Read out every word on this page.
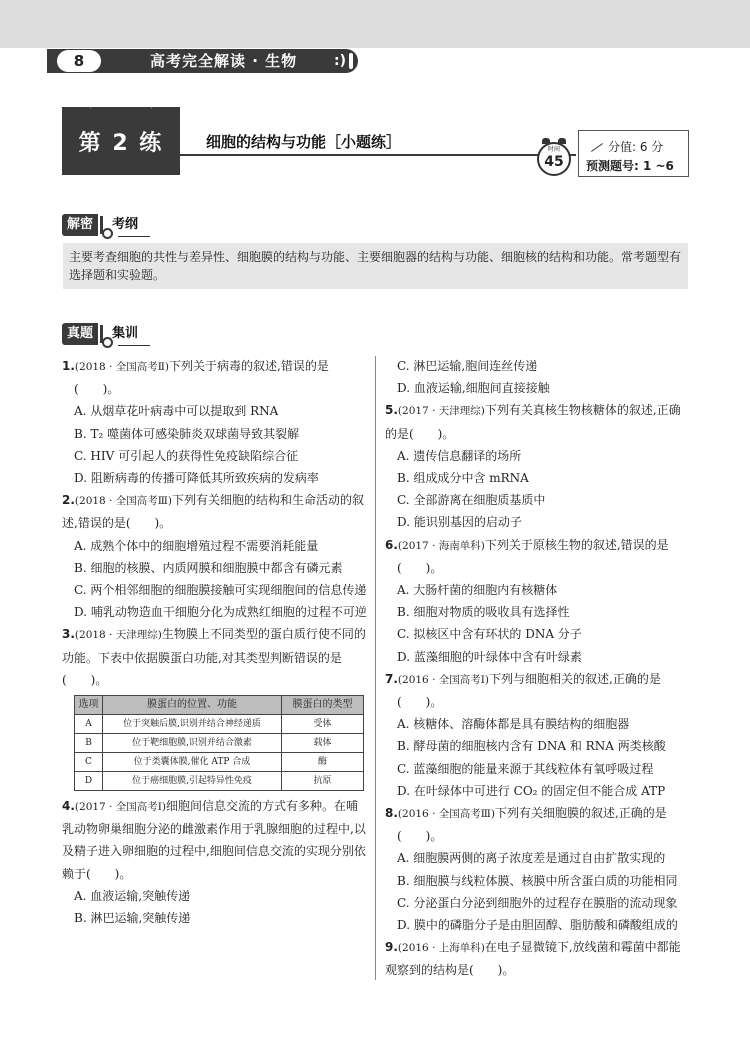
8	高考完全解读 · 生物	:)
第 2 练	细胞的结构与功能［小题练］	时间
45
分值: 6 分
预测题号: 1 ~6
解密 考纲
主要考查细胞的共性与差异性、细胞膜的结构与功能、主要细胞器的结构与功能、细胞核的结构和功能。常考题型有选择题和实验题。
真题 集训

1.(2018 · 全国高考Ⅱ)下列关于病毒的叙述,错误的是

(　　)。

A. 从烟草花叶病毒中可以提取到 RNA

B. T₂ 噬菌体可感染肺炎双球菌导致其裂解

C. HIV 可引起人的获得性免疫缺陷综合征

D. 阻断病毒的传播可降低其所致疾病的发病率

2.(2018 · 全国高考Ⅲ)下列有关细胞的结构和生命活动的叙述,错误的是(　　)。

A. 成熟个体中的细胞增殖过程不需要消耗能量

B. 细胞的核膜、内质网膜和细胞膜中都含有磷元素

C. 两个相邻细胞的细胞膜接触可实现细胞间的信息传递

D. 哺乳动物造血干细胞分化为成熟红细胞的过程不可逆

3.(2018 · 天津理综)生物膜上不同类型的蛋白质行使不同的功能。下表中依据膜蛋白功能,对其类型判断错误的是(　　)。

选项	膜蛋白的位置、功能	膜蛋白的类型
A	位于突触后膜,识别并结合神经递质	受体
B	位于靶细胞膜,识别并结合激素	载体
C	位于类囊体膜,催化 ATP 合成	酶
D	位于癌细胞膜,引起特异性免疫	抗原

4.(2017 · 全国高考Ⅰ)细胞间信息交流的方式有多种。在哺乳动物卵巢细胞分泌的雌激素作用于乳腺细胞的过程中,以及精子进入卵细胞的过程中,细胞间信息交流的实现分别依赖于(　　)。

A. 血液运输,突触传递

B. 淋巴运输,突触传递

C. 淋巴运输,胞间连丝传递

D. 血液运输,细胞间直接接触

5.(2017 · 天津理综)下列有关真核生物核糖体的叙述,正确的是(　　)。

A. 遗传信息翻译的场所

B. 组成成分中含 mRNA

C. 全部游离在细胞质基质中

D. 能识别基因的启动子

6.(2017 · 海南单科)下列关于原核生物的叙述,错误的是

(　　)。

A. 大肠杆菌的细胞内有核糖体

B. 细胞对物质的吸收具有选择性

C. 拟核区中含有环状的 DNA 分子

D. 蓝藻细胞的叶绿体中含有叶绿素

7.(2016 · 全国高考Ⅰ)下列与细胞相关的叙述,正确的是

(　　)。

A. 核糖体、溶酶体都是具有膜结构的细胞器

B. 酵母菌的细胞核内含有 DNA 和 RNA 两类核酸

C. 蓝藻细胞的能量来源于其线粒体有氧呼吸过程

D. 在叶绿体中可进行 CO₂ 的固定但不能合成 ATP

8.(2016 · 全国高考Ⅲ)下列有关细胞膜的叙述,正确的是

(　　)。

A. 细胞膜两侧的离子浓度差是通过自由扩散实现的

B. 细胞膜与线粒体膜、核膜中所含蛋白质的功能相同

C. 分泌蛋白分泌到细胞外的过程存在膜脂的流动现象

D. 膜中的磷脂分子是由胆固醇、脂肪酸和磷酸组成的

9.(2016 · 上海单科)在电子显微镜下,放线菌和霉菌中都能观察到的结构是(　　)。
